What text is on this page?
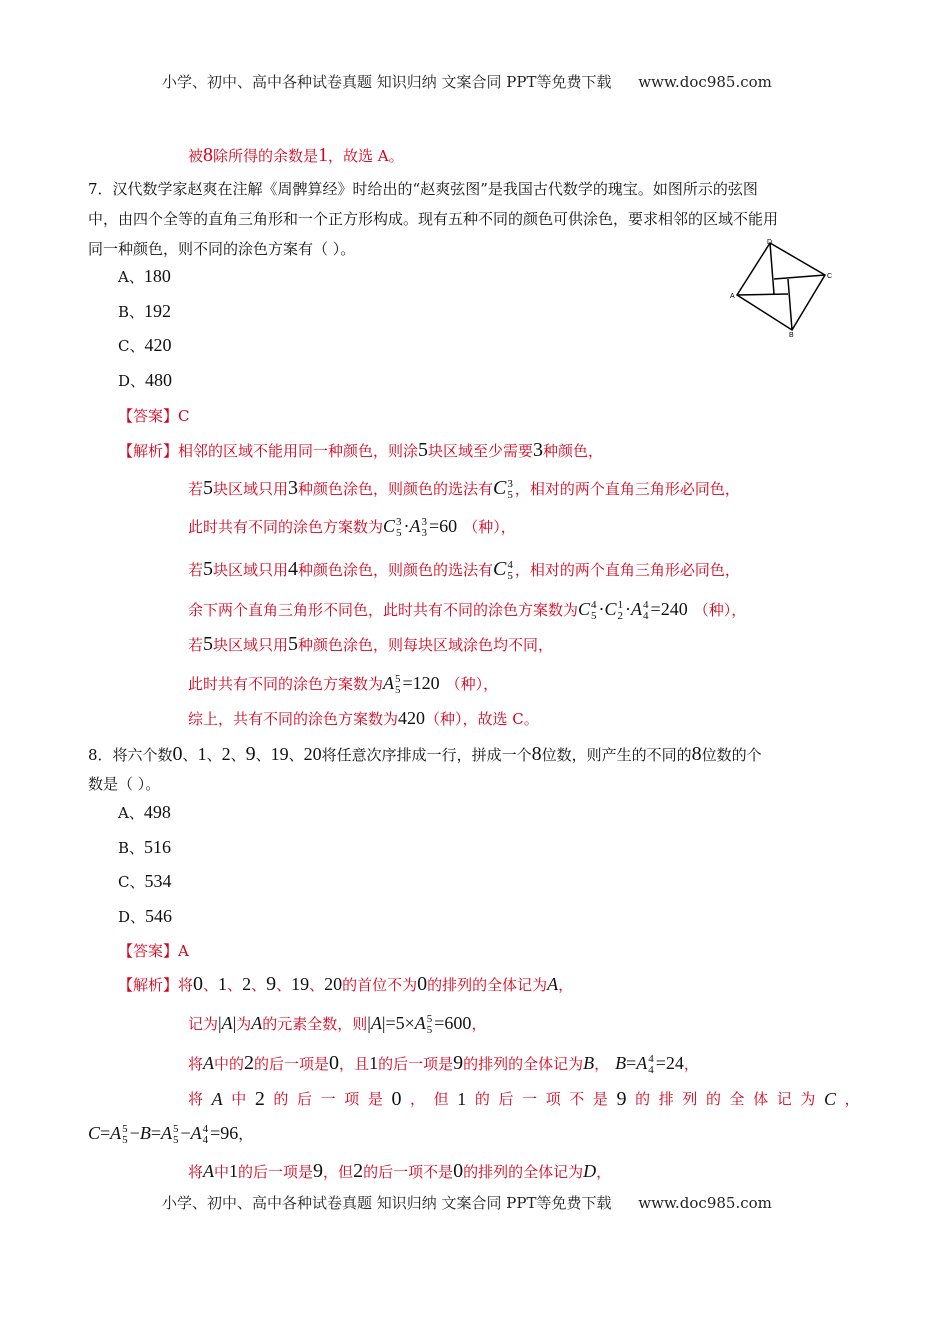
小学、初中、高中各种试卷真题 知识归纳 文案合同 PPT等免费下载 www.doc985.com
被8除所得的余数是1，故选 A。
7．汉代数学家赵爽在注解《周髀算经》时给出的“赵爽弦图”是我国古代数学的瑰宝。如图所示的弦图
中，由四个全等的直角三角形和一个正方形构成。现有五种不同的颜色可供涂色，要求相邻的区域不能用
同一种颜色，则不同的涂色方案有（ ）。
A、180
B、192
C、420
D、480
D
C
B
A
【答案】C
【解析】相邻的区域不能用同一种颜色，则涂5块区域至少需要3种颜色，
若5块区域只用3种颜色涂色，则颜色的选法有C 3
5 ，相对的两个直角三角形必同色，
此时共有不同的涂色方案数为C 3
5 ·A 3
3 =60 （种），
若5块区域只用4种颜色涂色，则颜色的选法有C 4
5 ，相对的两个直角三角形必同色，
余下两个直角三角形不同色，此时共有不同的涂色方案数为C 4
5 ·C 1
2 ·A 4
4 =240 （种），
若5块区域只用5种颜色涂色，则每块区域涂色均不同，
此时共有不同的涂色方案数为A 5
5 =120 （种），
综上，共有不同的涂色方案数为420（种），故选 C。
8．将六个数0、1、2、9、19、20将任意次序排成一行，拼成一个8位数，则产生的不同的8位数的个
数是（ ）。
A、498
B、516
C、534
D、546
【答案】A
【解析】将0、1、2、9、19、20的首位不为0的排列的全体记为A，
记为|A|为A的元素全数，则|A|=5×A 5
5 =600，
将A中的2的后一项是0，且1的后一项是9的排列的全体记为B， B=A 4
4 =24，
将 A 中 2 的 后 一 项 是 0 ， 但 1 的 后 一 项 不 是 9 的 排 列 的 全 体 记 为 C ，
C=A 5
5 −B=A 5
5 −A 4
4 =96，
将A中1的后一项是9，但2的后一项不是0的排列的全体记为D，
小学、初中、高中各种试卷真题 知识归纳 文案合同 PPT等免费下载 www.doc985.com
